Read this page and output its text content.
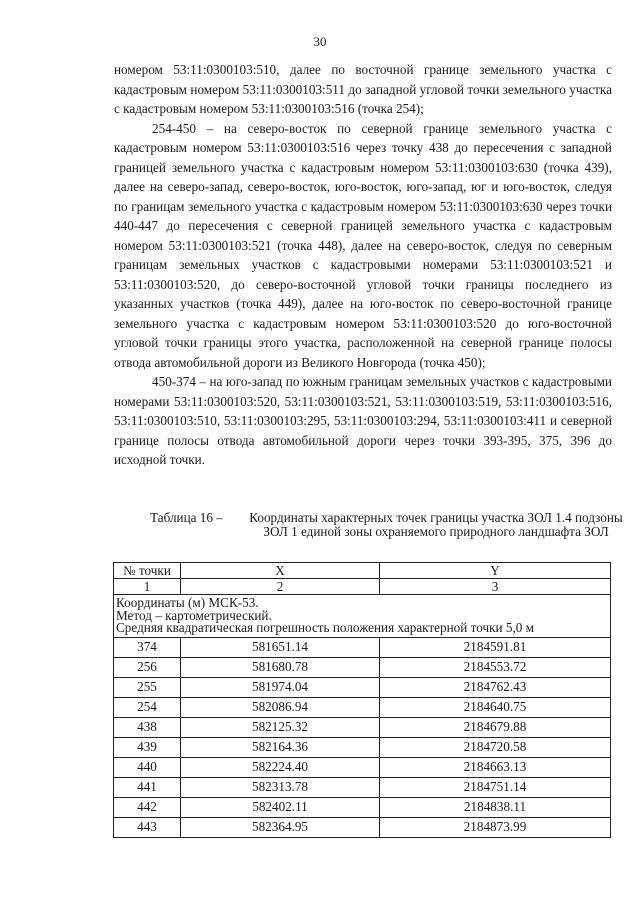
30

номером 53:11:0300103:510, далее по восточной границе земельного участка с кадастровым номером 53:11:0300103:511 до западной угловой точки земельного участка с кадастровым номером 53:11:0300103:516 (точка 254);

254-450 – на северо-восток по северной границе земельного участка с кадастровым номером 53:11:0300103:516 через точку 438 до пересечения с западной границей земельного участка с кадастровым номером 53:11:0300103:630 (точка 439), далее на северо-запад, северо-восток, юго-восток, юго-запад, юг и юго-восток, следуя по границам земельного участка с кадастровым номером 53:11:0300103:630 через точки 440-447 до пересечения с северной границей земельного участка с кадастровым номером 53:11:0300103:521 (точка 448), далее на северо-восток, следуя по северным границам земельных участков с кадастровыми номерами 53:11:0300103:521 и 53:11:0300103:520, до северо-восточной угловой точки границы последнего из указанных участков (точка 449), далее на юго-восток по северо-восточной границе земельного участка с кадастровым номером 53:11:0300103:520 до юго-восточной угловой точки границы этого участка, расположенной на северной границе полосы отвода автомобильной дороги из Великого Новгорода (точка 450);

450-374 – на юго-запад по южным границам земельных участков с кадастровыми номерами 53:11:0300103:520, 53:11:0300103:521, 53:11:0300103:519, 53:11:0300103:516, 53:11:0300103:510, 53:11:0300103:295, 53:11:0300103:294, 53:11:0300103:411 и северной границе полосы отвода автомобильной дороги через точки 393-395, 375, 396 до исходной точки.

Таблица 16 – Координаты характерных точек границы участка ЗОЛ 1.4 подзоны ЗОЛ 1 единой зоны охраняемого природного ландшафта ЗОЛ
№ точки	X	Y
1	2	3

Координаты (м) МСК-53.
Метод – картометрический.
Средняя квадратическая погрешность положения характерной точки 5,0 м		

374	581651.14	2184591.81
256	581680.78	2184553.72
255	581974.04	2184762.43
254	582086.94	2184640.75
438	582125.32	2184679.88
439	582164.36	2184720.58
440	582224.40	2184663.13
441	582313.78	2184751.14
442	582402.11	2184838.11
443	582364.95	2184873.99
